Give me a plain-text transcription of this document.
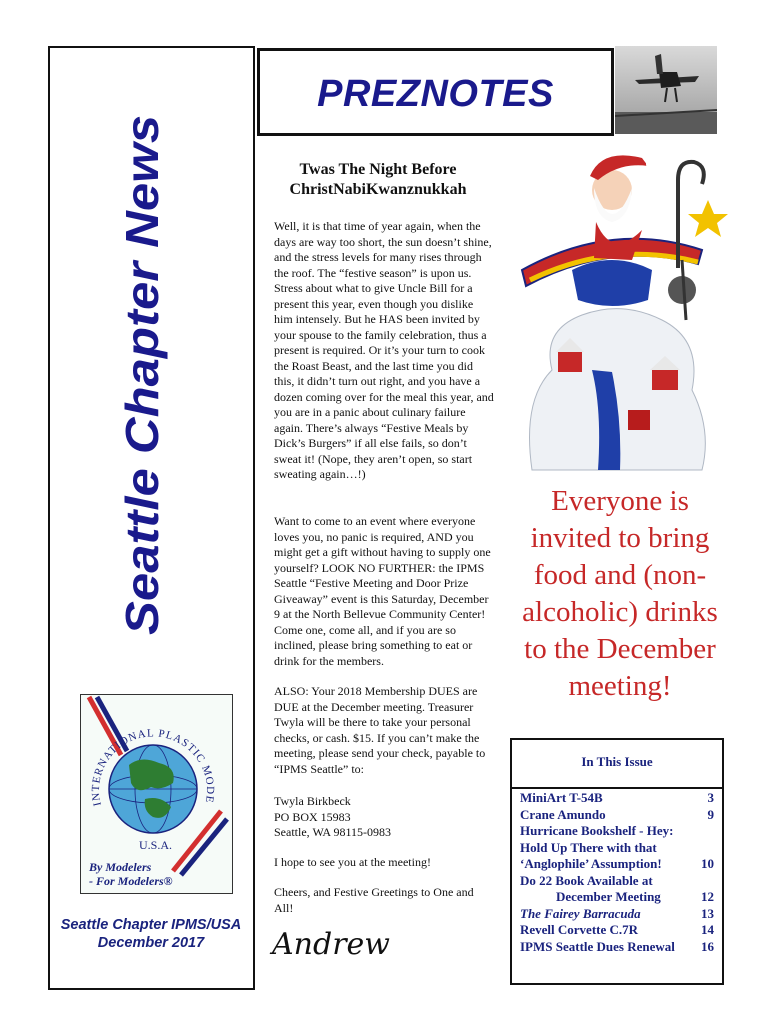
Seattle Chapter News
INTERNATIONAL PLASTIC MODE
U.S.A.
By Modelers
- For Modelers®
Seattle Chapter IPMS/USA
December 2017
PREZNOTES
Twas The Night Before
ChristNabiKwanznukkah

Well, it is that time of year again, when the days are way too short, the sun doesn’t shine, and the stress levels for many rises through the roof. The “festive season” is upon us. Stress about what to give Uncle Bill for a present this year, even though you dislike him intensely. But he HAS been invited by your spouse to the family celebration, thus a present is required. Or it’s your turn to cook the Roast Beast, and the last time you did this, it didn’t turn out right, and you have a dozen coming over for the meal this year, and you are in a panic about culinary failure again. There’s always “Festive Meals by Dick’s Burgers” if all else fails, so don’t sweat it! (Nope, they aren’t open, so start sweating again…!)

Want to come to an event where everyone loves you, no panic is required, AND you might get a gift without having to supply one yourself? LOOK NO FURTHER: the IPMS Seattle “Festive Meeting and Door Prize Giveaway” event is this Saturday, December 9 at the North Bellevue Community Center! Come one, come all, and if you are so inclined, please bring something to eat or drink for the members.

ALSO: Your 2018 Membership DUES are DUE at the December meeting. Treasurer Twyla will be there to take your personal checks, or cash. $15. If you can’t make the meeting, please send your check, payable to “IPMS Seattle” to:

Twyla Birkbeck
PO BOX 15983
Seattle, WA 98115-0983

I hope to see you at the meeting!

Cheers, and Festive Greetings to One and All!

Andrew
Everyone is
invited to bring
food and (non-
alcoholic) drinks
to the December
meeting!
In This Issue
MiniArt T-54B	3
Crane Amundo	9
Hurricane Bookshelf - Hey:
Hold Up There with that
‘Anglophile’ Assumption!	10
Do 22 Book Available at
December Meeting	12
The Fairey Barracuda	13
Revell Corvette C.7R	14
IPMS Seattle Dues Renewal	16
